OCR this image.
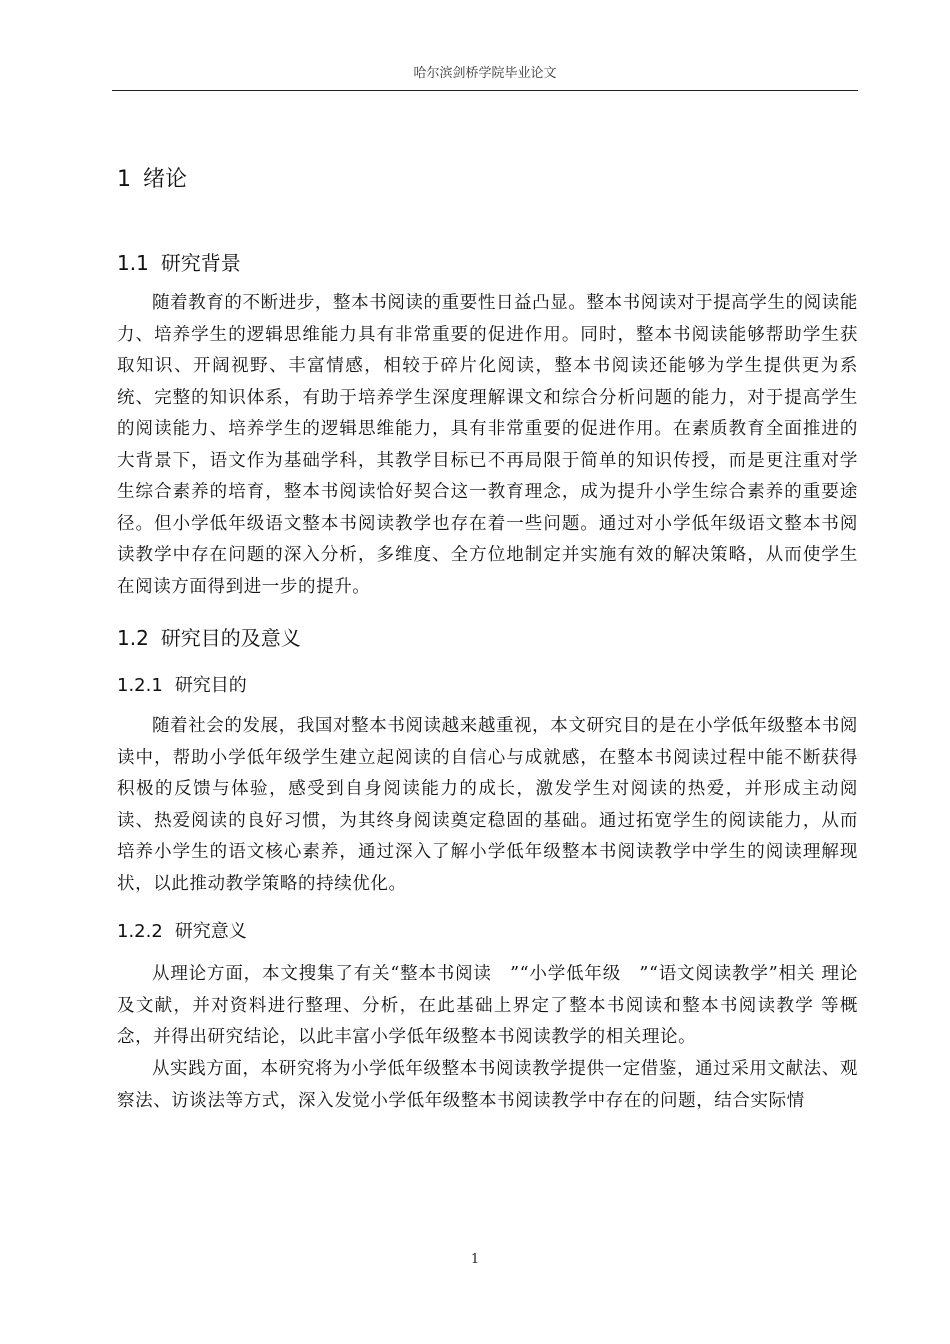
哈尔滨剑桥学院毕业论文
1 绪论
1.1 研究背景
随着教育的不断进步，整本书阅读的重要性日益凸显。整本书阅读对于提高学生的阅读能力、培养学生的逻辑思维能力具有非常重要的促进作用。同时，整本书阅读能够帮助学生获取知识、开阔视野、丰富情感，相较于碎片化阅读，整本书阅读还能够为学生提供更为系统、完整的知识体系，有助于培养学生深度理解课文和综合分析问题的能力，对于提高学生的阅读能力、培养学生的逻辑思维能力，具有非常重要的促进作用。在素质教育全面推进的大背景下，语文作为基础学科，其教学目标已不再局限于简单的知识传授，而是更注重对学生综合素养的培育，整本书阅读恰好契合这一教育理念，成为提升小学生综合素养的重要途径。但小学低年级语文整本书阅读教学也存在着一些问题。通过对小学低年级语文整本书阅读教学中存在问题的深入分析，多维度、全方位地制定并实施有效的解决策略，从而使学生在阅读方面得到进一步的提升。
1.2 研究目的及意义
1.2.1 研究目的
随着社会的发展，我国对整本书阅读越来越重视，本文研究目的是在小学低年级整本书阅读中，帮助小学低年级学生建立起阅读的自信心与成就感，在整本书阅读过程中能不断获得积极的反馈与体验，感受到自身阅读能力的成长，激发学生对阅读的热爱，并形成主动阅读、热爱阅读的良好习惯，为其终身阅读奠定稳固的基础。通过拓宽学生的阅读能力，从而培养小学生的语文核心素养，通过深入了解小学低年级整本书阅读教学中学生的阅读理解现状，以此推动教学策略的持续优化。
1.2.2 研究意义
从理论方面，本文搜集了有关“整本书阅读　”“小学低年级　”“语文阅读教学”相关 理论及文献，并对资料进行整理、分析，在此基础上界定了整本书阅读和整本书阅读教学 等概念，并得出研究结论，以此丰富小学低年级整本书阅读教学的相关理论。
从实践方面，本研究将为小学低年级整本书阅读教学提供一定借鉴，通过采用文献法、观察法、访谈法等方式，深入发觉小学低年级整本书阅读教学中存在的问题，结合实际情
1
